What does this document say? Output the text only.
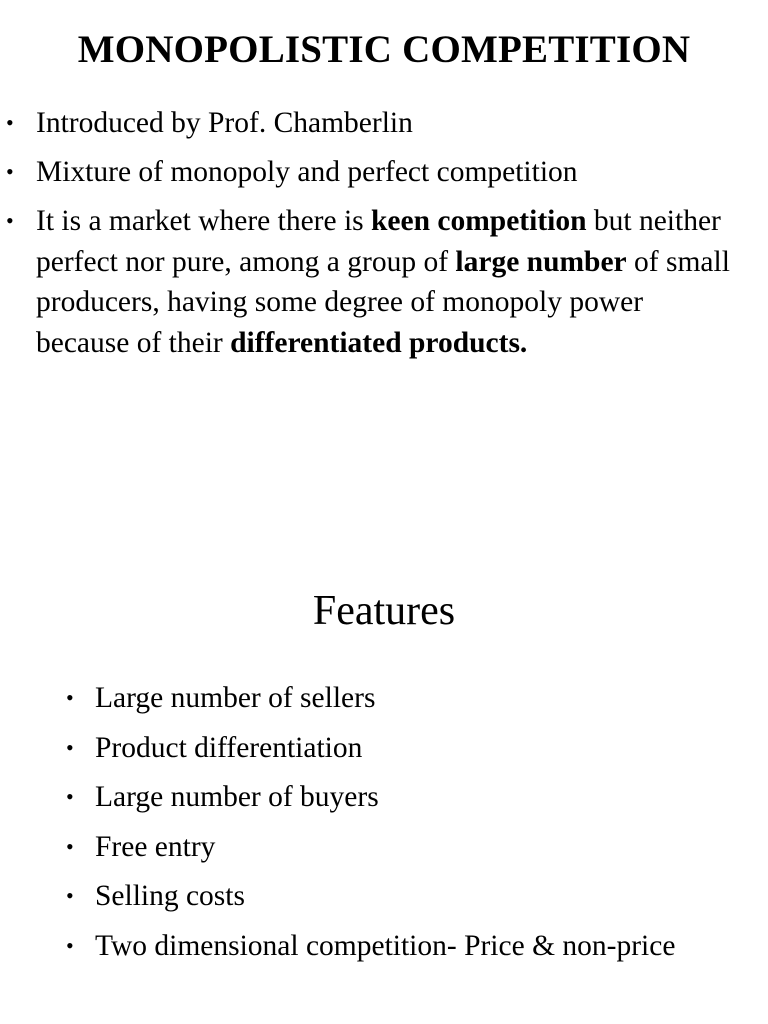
MONOPOLISTIC COMPETITION
• Introduced by Prof. Chamberlin
• Mixture of monopoly and perfect competition
• It is a market where there is keen competition but neither perfect nor pure, among a group of large number of small producers, having some degree of monopoly power because of their differentiated products.
Features
• Large number of sellers
• Product differentiation
• Large number of buyers
• Free entry
• Selling costs
• Two dimensional competition- Price & non-price
